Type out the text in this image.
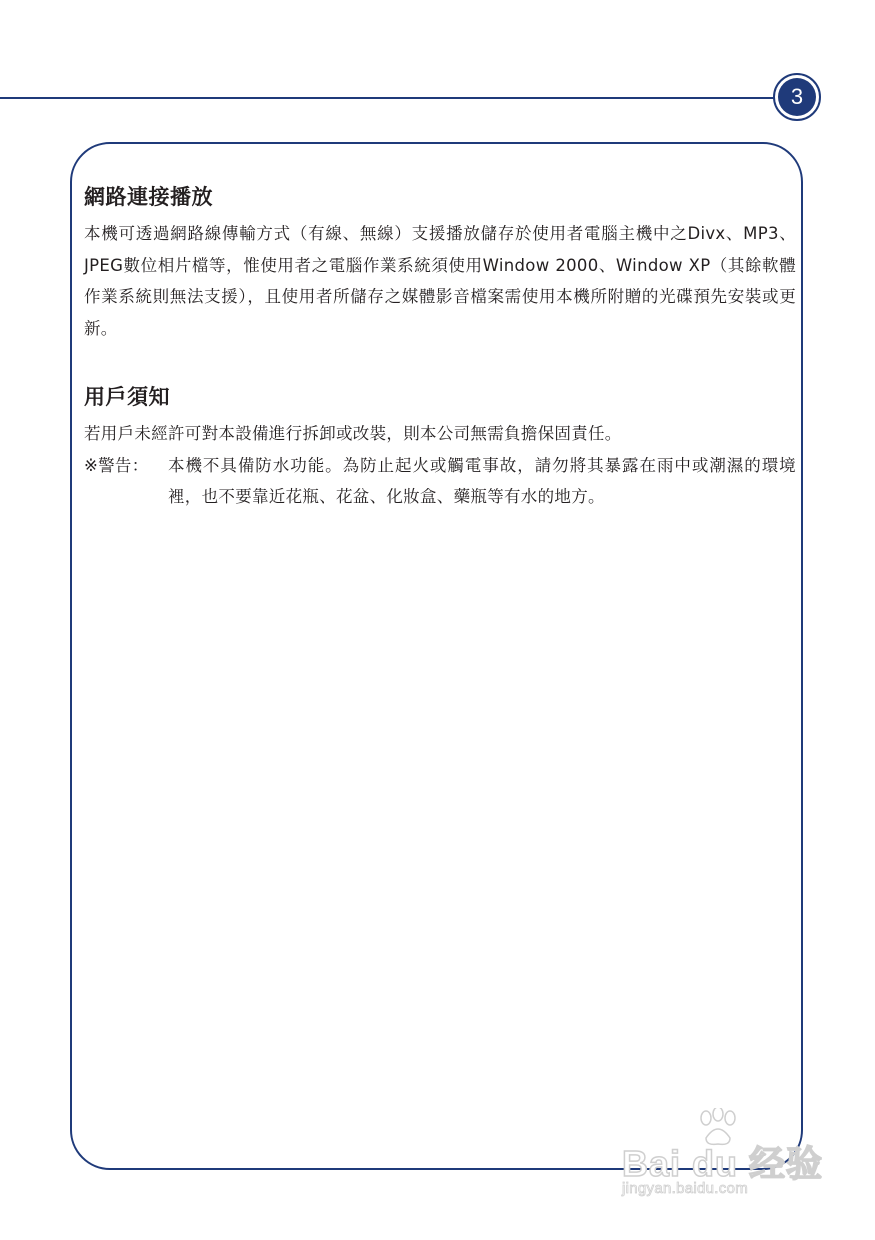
3
網路連接播放

本機可透過網路線傳輸方式（有線、無線）支援播放儲存於使用者電腦主機中之Divx、MP3、JPEG數位相片檔等，惟使用者之電腦作業系統須使用Window 2000、Window XP（其餘軟體作業系統則無法支援），且使用者所儲存之媒體影音檔案需使用本機所附贈的光碟預先安裝或更新。

用戶須知

若用戶未經許可對本設備進行拆卸或改裝，則本公司無需負擔保固責任。

※警告： 本機不具備防水功能。為防止起火或觸電事故，請勿將其暴露在雨中或潮濕的環境裡，也不要靠近花瓶、花盆、化妝盒、藥瓶等有水的地方。
Bai du 经验
jingyan.baidu.com
